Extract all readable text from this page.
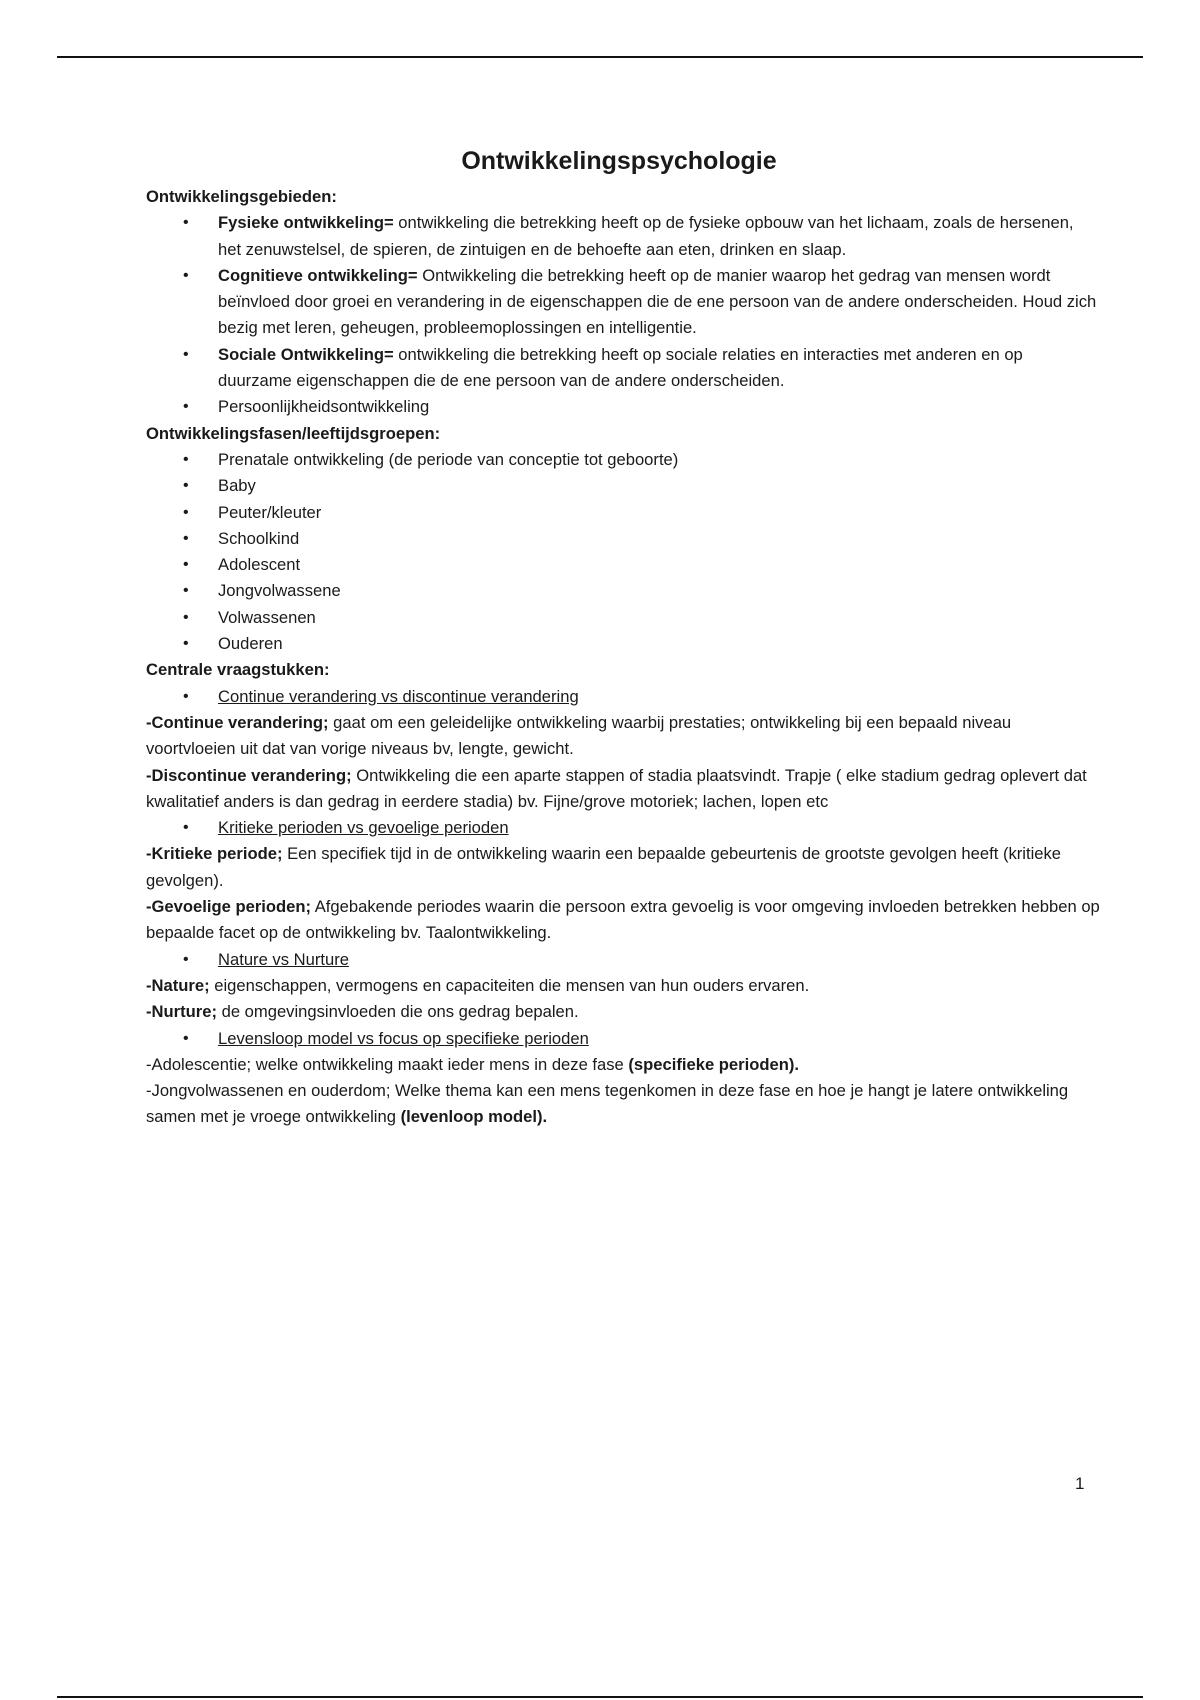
Ontwikkelingspsychologie
Ontwikkelingsgebieden:
• Fysieke ontwikkeling= ontwikkeling die betrekking heeft op de fysieke opbouw van het lichaam, zoals de hersenen, het zenuwstelsel, de spieren, de zintuigen en de behoefte aan eten, drinken en slaap.
• Cognitieve ontwikkeling= Ontwikkeling die betrekking heeft op de manier waarop het gedrag van mensen wordt beïnvloed door groei en verandering in de eigenschappen die de ene persoon van de andere onderscheiden. Houd zich bezig met leren, geheugen, probleemoplossingen en intelligentie.
• Sociale Ontwikkeling= ontwikkeling die betrekking heeft op sociale relaties en interacties met anderen en op duurzame eigenschappen die de ene persoon van de andere onderscheiden.
• Persoonlijkheidsontwikkeling
Ontwikkelingsfasen/leeftijdsgroepen:
• Prenatale ontwikkeling (de periode van conceptie tot geboorte)
• Baby
• Peuter/kleuter
• Schoolkind
• Adolescent
• Jongvolwassene
• Volwassenen
• Ouderen
Centrale vraagstukken:
• Continue verandering vs discontinue verandering
-Continue verandering; gaat om een geleidelijke ontwikkeling waarbij prestaties; ontwikkeling bij een bepaald niveau voortvloeien uit dat van vorige niveaus bv, lengte, gewicht.
-Discontinue verandering; Ontwikkeling die een aparte stappen of stadia plaatsvindt. Trapje ( elke stadium gedrag oplevert dat kwalitatief anders is dan gedrag in eerdere stadia) bv. Fijne/grove motoriek; lachen, lopen etc
• Kritieke perioden vs gevoelige perioden
-Kritieke periode; Een specifiek tijd in de ontwikkeling waarin een bepaalde gebeurtenis de grootste gevolgen heeft (kritieke gevolgen).
-Gevoelige perioden; Afgebakende periodes waarin die persoon extra gevoelig is voor omgeving invloeden betrekken hebben op bepaalde facet op de ontwikkeling bv. Taalontwikkeling.
• Nature vs Nurture
-Nature; eigenschappen, vermogens en capaciteiten die mensen van hun ouders ervaren.
-Nurture; de omgevingsinvloeden die ons gedrag bepalen.
• Levensloop model vs focus op specifieke perioden
-Adolescentie; welke ontwikkeling maakt ieder mens in deze fase (specifieke perioden).
-Jongvolwassenen en ouderdom; Welke thema kan een mens tegenkomen in deze fase en hoe je hangt je latere ontwikkeling samen met je vroege ontwikkeling (levenloop model).
1
